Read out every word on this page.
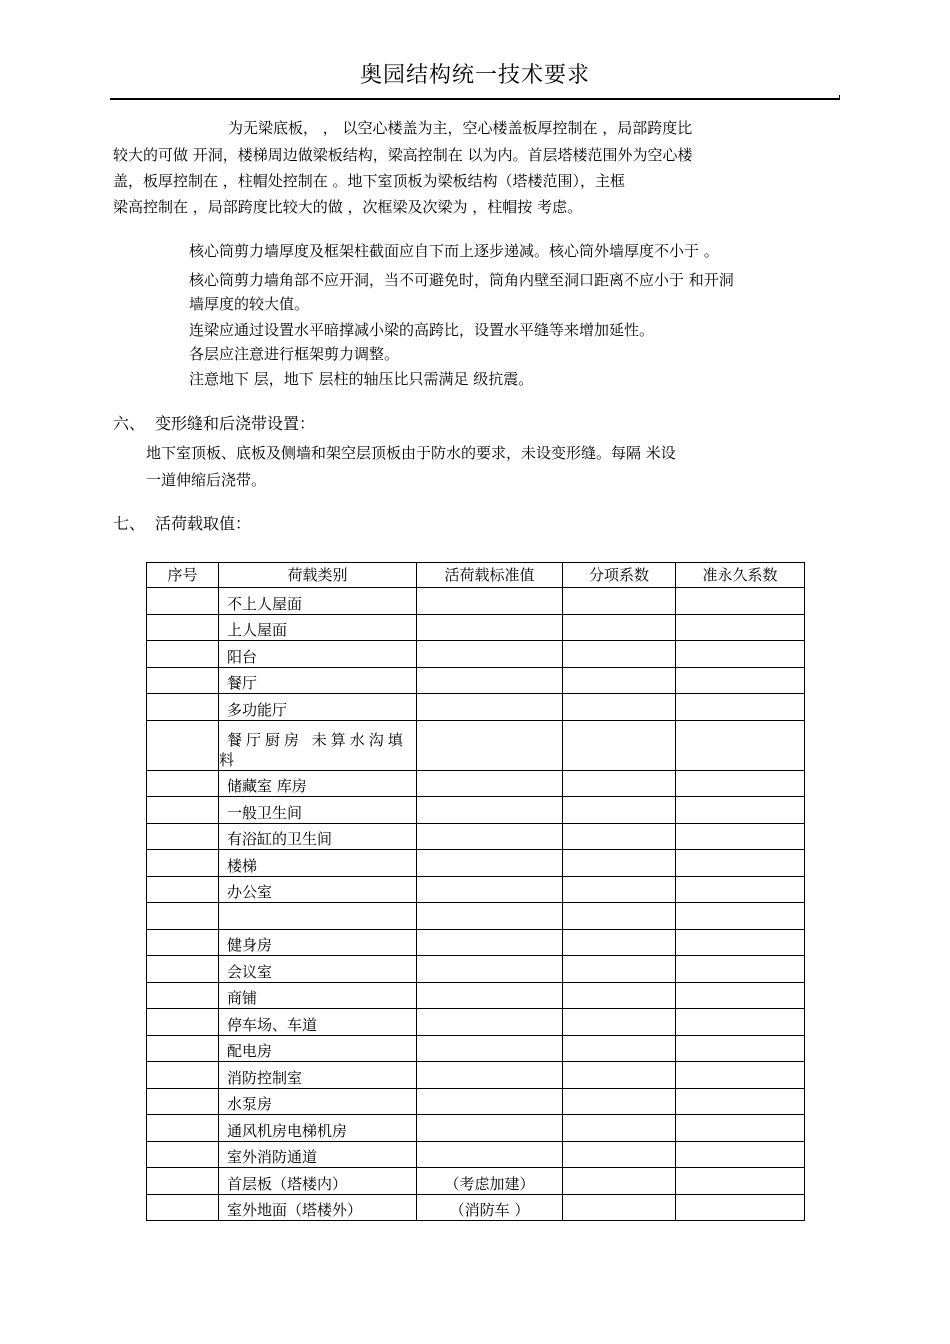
奥园结构统一技术要求
为无梁底板， ， 以空心楼盖为主，空心楼盖板厚控制在 ，局部跨度比
较大的可做 开洞，楼梯周边做梁板结构，梁高控制在 以为内。首层塔楼范围外为空心楼
盖，板厚控制在 ，柱帽处控制在 。地下室顶板为梁板结构（塔楼范围），主框
梁高控制在 ，局部跨度比较大的做 ，次框梁及次梁为 ，柱帽按 考虑。
核心筒剪力墙厚度及框架柱截面应自下而上逐步递减。核心筒外墙厚度不小于 。
核心筒剪力墙角部不应开洞，当不可避免时，筒角内壁至洞口距离不应小于 和开洞
墙厚度的较大值。
连梁应通过设置水平暗撑减小梁的高跨比，设置水平缝等来增加延性。
各层应注意进行框架剪力调整。
注意地下 层，地下 层柱的轴压比只需满足 级抗震。
六、 变形缝和后浇带设置：
地下室顶板、底板及侧墙和架空层顶板由于防水的要求，未设变形缝。每隔 米设
一道伸缩后浇带。
七、 活荷载取值：
序号	荷载类别	活荷载标准值	分项系数	准永久系数
	不上人屋面			
	上人屋面			
	阳台			
	餐厅			
	多功能厅			

	餐厅厨房 未算水沟填
料			

	储藏室 库房			
	一般卫生间			
	有浴缸的卫生间			
	楼梯			
	办公室			

	健身房			
	会议室			
	商铺			
	停车场、车道			
	配电房			
	消防控制室			
	水泵房			
	通风机房电梯机房			
	室外消防通道			
	首层板（塔楼内）	（考虑加建）		
	室外地面（塔楼外）	（消防车 ）		
